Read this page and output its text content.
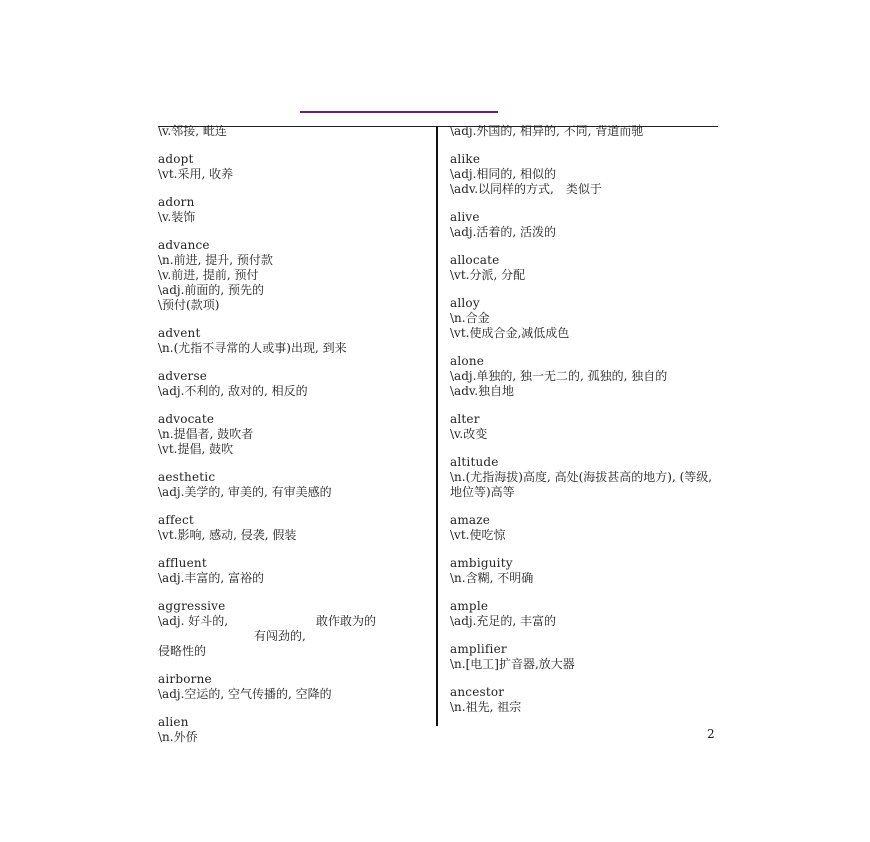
\v.邻接, 毗连
adopt
\vt.采用, 收养
adorn
\v.装饰
advance
\n.前进, 提升, 预付款
\v.前进, 提前, 预付
\adj.前面的, 预先的
\预付(款项)
advent
\n.(尤指不寻常的人或事)出现, 到来
adverse
\adj.不利的, 敌对的, 相反的
advocate
\n.提倡者, 鼓吹者
\vt.提倡, 鼓吹
aesthetic
\adj.美学的, 审美的, 有审美感的
affect
\vt.影响, 感动, 侵袭, 假装
affluent
\adj.丰富的, 富裕的
aggressive
\adj. 好斗的,	敢作敢为的
有闯劲的,
侵略性的
airborne
\adj.空运的, 空气传播的, 空降的
alien
\n.外侨
\adj.外国的, 相异的, 不同, 背道而驰
alike
\adj.相同的, 相似的
\adv.以同样的方式,　类似于
alive
\adj.活着的, 活泼的
allocate
\vt.分派, 分配
alloy
\n.合金
\vt.使成合金,减低成色
alone
\adj.单独的, 独一无二的, 孤独的, 独自的
\adv.独自地
alter
\v.改变
altitude
\n.(尤指海拔)高度, 高处(海拔甚高的地方), (等级, 地位等)高等
amaze
\vt.使吃惊
ambiguity
\n.含糊, 不明确
ample
\adj.充足的, 丰富的
amplifier
\n.[电工]扩音器,放大器
ancestor
\n.祖先, 祖宗
2
